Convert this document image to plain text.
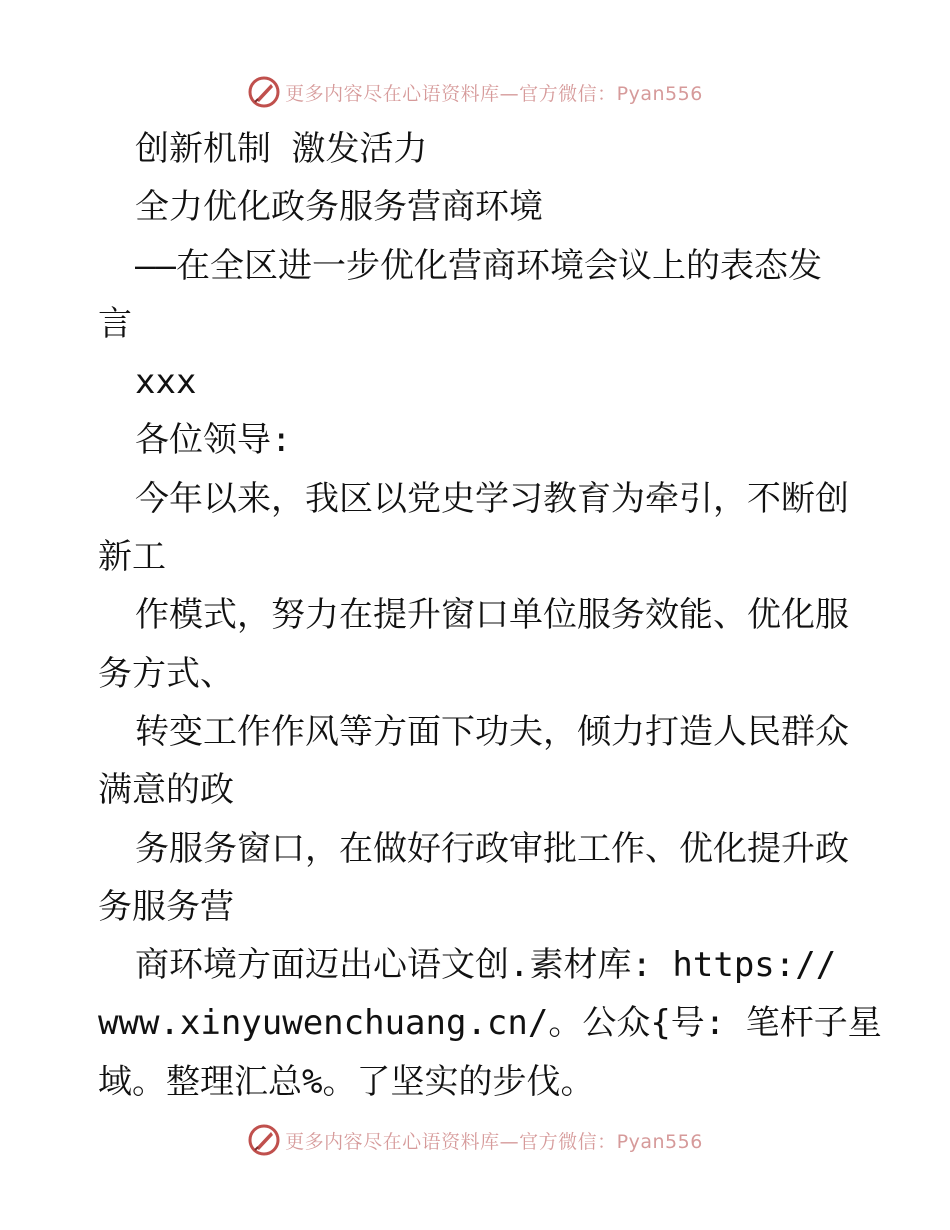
更多内容尽在心语资料库—官方微信：Pyan556
创新机制 激发活力
全力优化政务服务营商环境
——在全区进一步优化营商环境会议上的表态发
言
xxx
各位领导:
今年以来，我区以党史学习教育为牵引，不断创
新工
作模式，努力在提升窗口单位服务效能、优化服
务方式、
转变工作作风等方面下功夫，倾力打造人民群众
满意的政
务服务窗口，在做好行政审批工作、优化提升政
务服务营
商环境方面迈出心语文创.素材库: https://
www.xinyuwenchuang.cn/。公众{号: 笔杆子星
域。整理汇总%。了坚实的步伐。
更多内容尽在心语资料库—官方微信：Pyan556
